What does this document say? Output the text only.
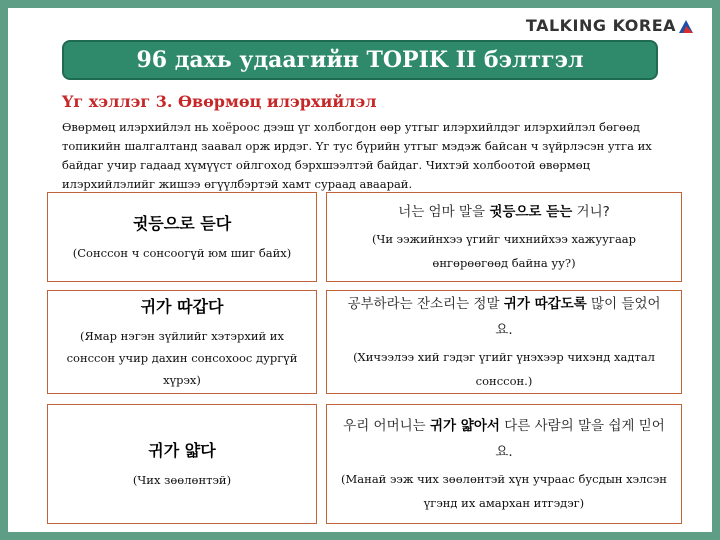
TALKING KOREA
96 дахь удаагийн TOPIK II бэлтгэл
Үг хэллэг 3. Өвөрмөц илэрхийлэл
Өвөрмөц илэрхийлэл нь хоёроос дээш үг холбогдон өөр утгыг илэрхийлдэг илэрхийлэл бөгөөд топикийн шалгалтанд заавал орж ирдэг. Үг тус бүрийн утгыг мэдэж байсан ч зүйрлэсэн утга их байдаг учир гадаад хүмүүст ойлгоход бэрхшээлтэй байдаг. Чихтэй холбоотой өвөрмөц илэрхийлэлийг жишээ өгүүлбэртэй хамт сураад аваарай.
귓등으로 듣다
(Сонссон ч сонсоогүй юм шиг байх)
너는 엄마 말을 귓등으로 듣는 거니?
(Чи ээжийнхээ үгийг чихнийхээ хажуугаар өнгөрөөгөөд байна уу?)
귀가 따갑다
(Ямар нэгэн зүйлийг хэтэрхий их сонссон учир дахин сонсохоос дургүй хүрэх)
공부하라는 잔소리는 정말 귀가 따갑도록 많이 들었어요.
(Хичээлээ хий гэдэг үгийг үнэхээр чихэнд хадтал сонссон.)
귀가 얇다
(Чих зөөлөнтэй)
우리 어머니는 귀가 얇아서 다른 사람의 말을 쉽게 믿어요.
(Манай ээж чих зөөлөнтэй хүн учраас бусдын хэлсэн үгэнд их амархан итгэдэг)
